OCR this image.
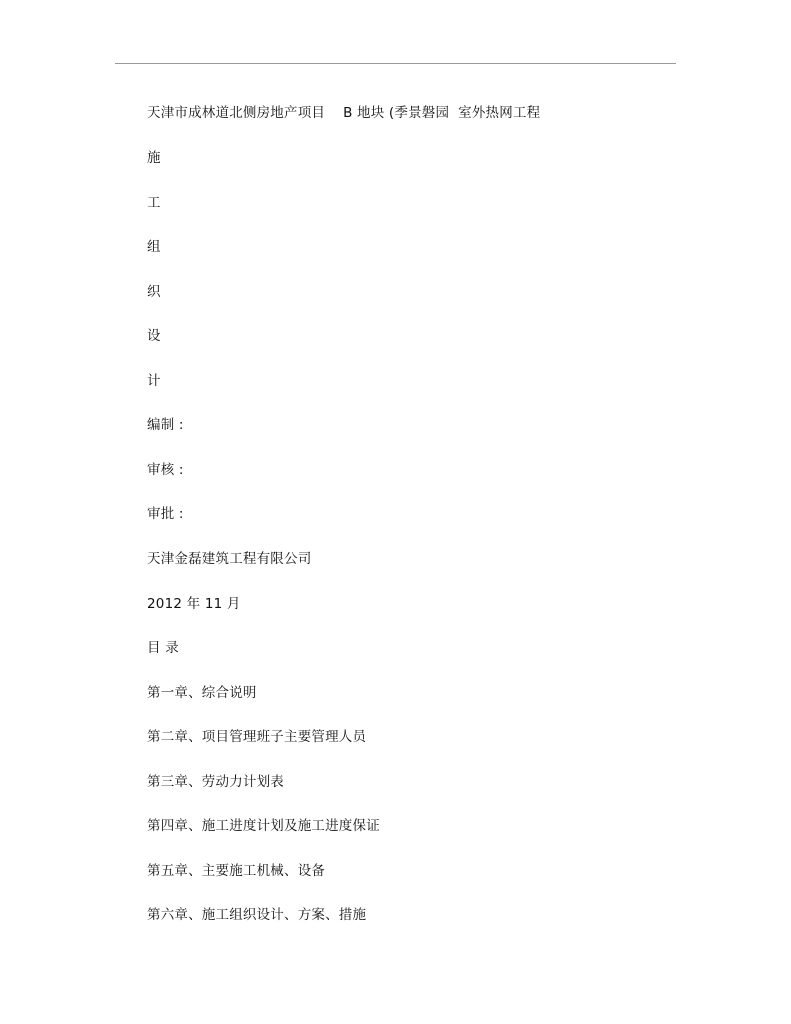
天津市成林道北侧房地产项目    B 地块 (季景磐园  室外热网工程
施
工
组
织
设
计
编制 :
审核 :
审批 :
天津金磊建筑工程有限公司
2012 年 11 月
目 录
第一章、综合说明
第二章、项目管理班子主要管理人员
第三章、劳动力计划表
第四章、施工进度计划及施工进度保证
第五章、主要施工机械、设备
第六章、施工组织设计、方案、措施
